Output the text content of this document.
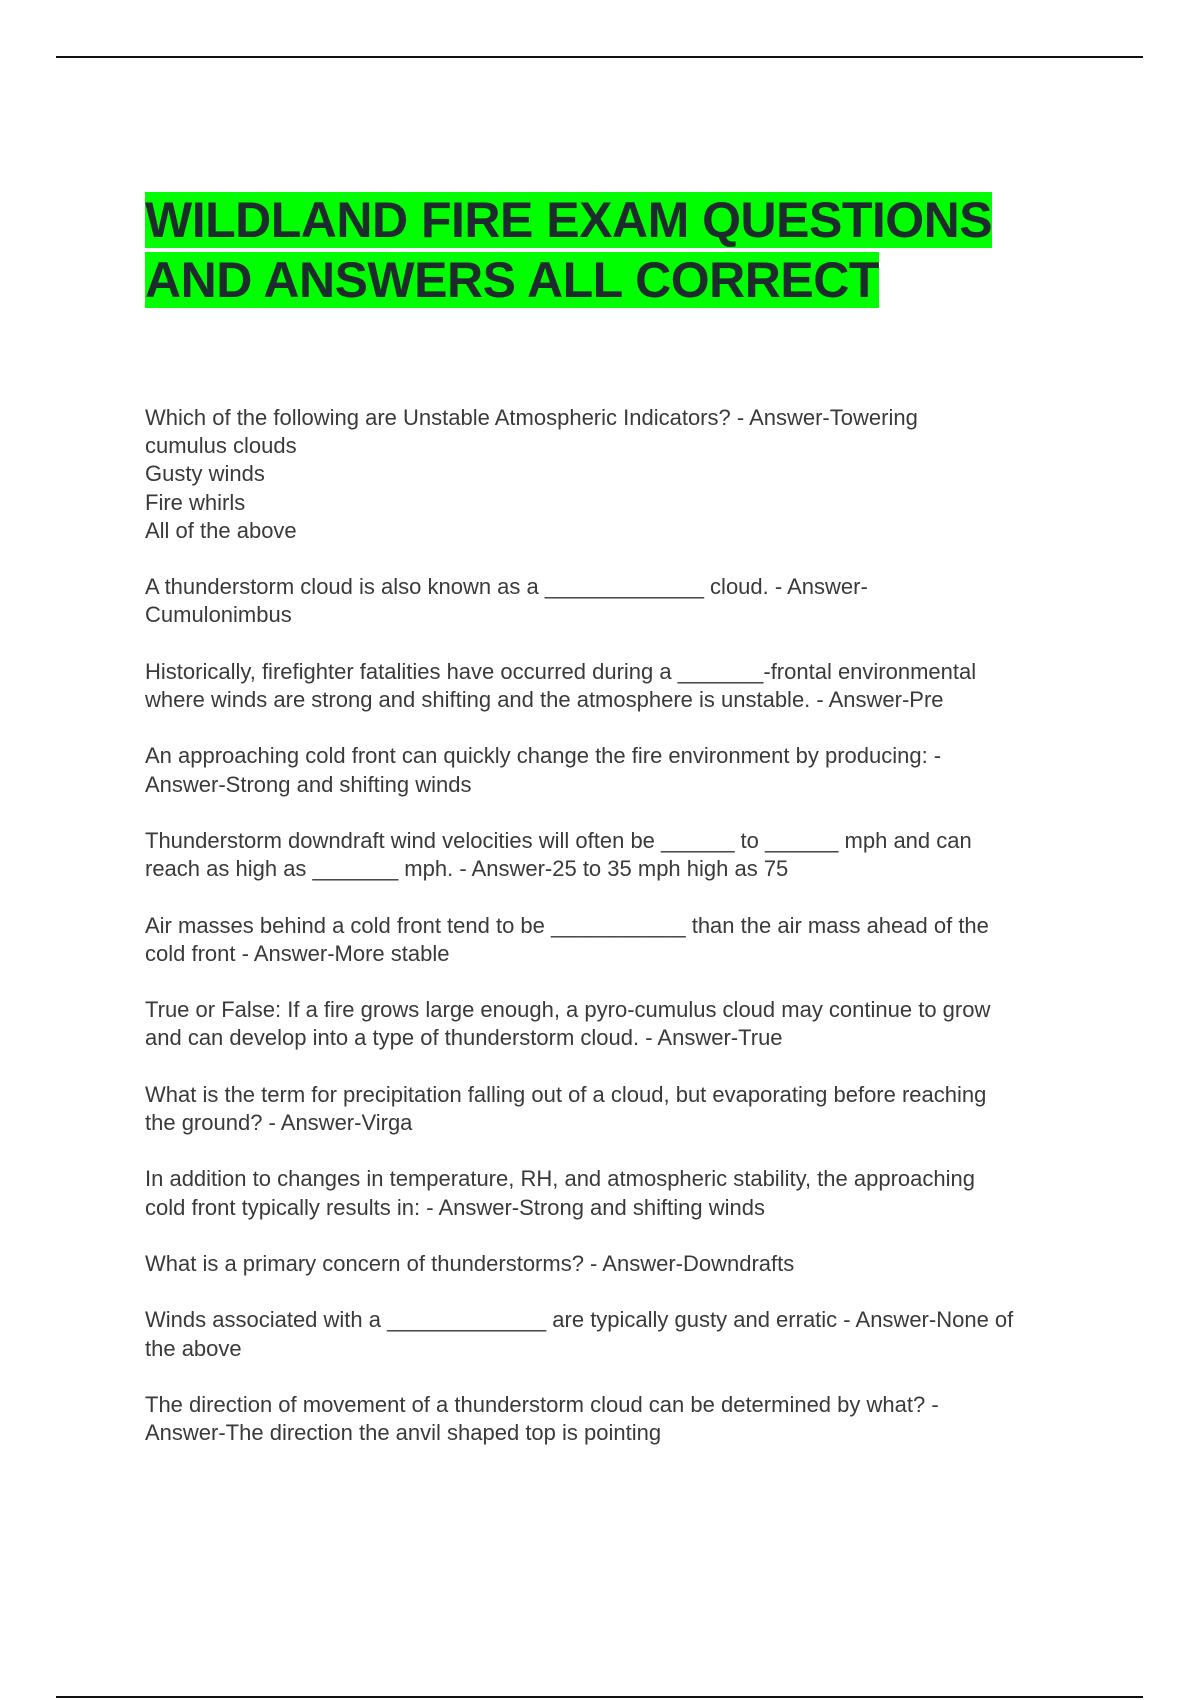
WILDLAND FIRE EXAM QUESTIONS
AND ANSWERS ALL CORRECT

Which of the following are Unstable Atmospheric Indicators? - Answer-Towering
cumulus clouds
Gusty winds
Fire whirls
All of the above

A thunderstorm cloud is also known as a _____________ cloud. - Answer-
Cumulonimbus

Historically, firefighter fatalities have occurred during a _______-frontal environmental
where winds are strong and shifting and the atmosphere is unstable. - Answer-Pre

An approaching cold front can quickly change the fire environment by producing: -
Answer-Strong and shifting winds

Thunderstorm downdraft wind velocities will often be ______ to ______ mph and can
reach as high as _______ mph. - Answer-25 to 35 mph high as 75

Air masses behind a cold front tend to be ___________ than the air mass ahead of the
cold front - Answer-More stable

True or False: If a fire grows large enough, a pyro-cumulus cloud may continue to grow
and can develop into a type of thunderstorm cloud. - Answer-True

What is the term for precipitation falling out of a cloud, but evaporating before reaching
the ground? - Answer-Virga

In addition to changes in temperature, RH, and atmospheric stability, the approaching
cold front typically results in: - Answer-Strong and shifting winds

What is a primary concern of thunderstorms? - Answer-Downdrafts

Winds associated with a _____________ are typically gusty and erratic - Answer-None of
the above

The direction of movement of a thunderstorm cloud can be determined by what? -
Answer-The direction the anvil shaped top is pointing
